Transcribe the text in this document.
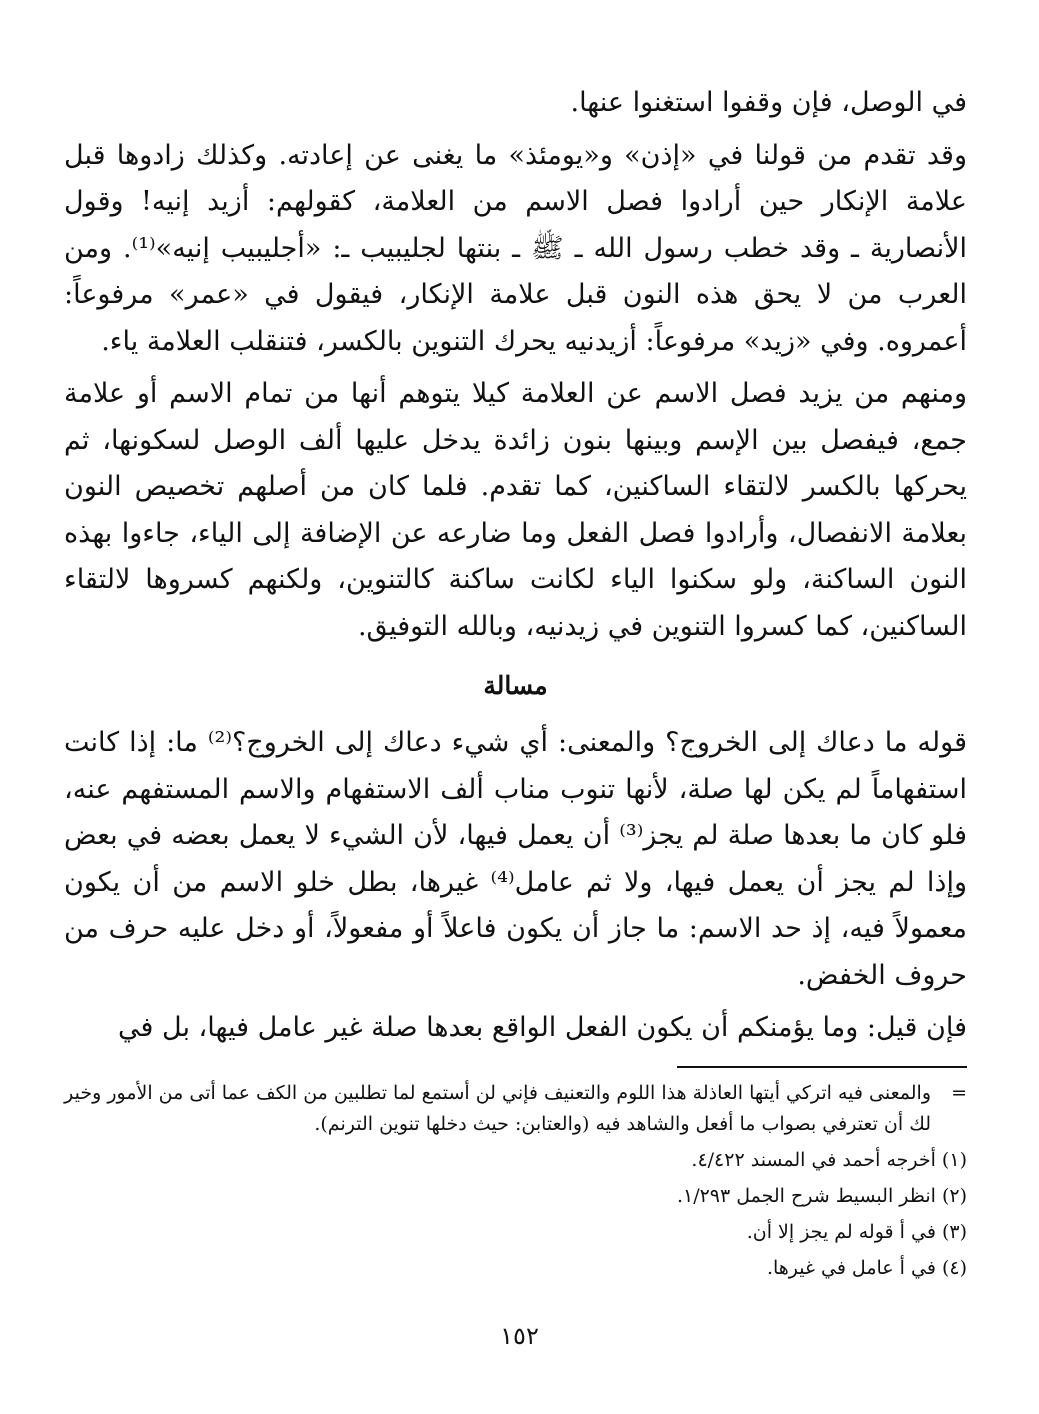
في الوصل، فإن وقفوا استغنوا عنها.

وقد تقدم من قولنا في «إذن» و«يومئذ» ما يغنى عن إعادته. وكذلك زادوها قبل علامة الإنكار حين أرادوا فصل الاسم من العلامة، كقولهم: أزيد إنيه! وقول الأنصارية ـ وقد خطب رسول الله ـ ﷺ ـ بنتها لجليبيب ـ: «أجليبيب إنيه»⁽¹⁾. ومن العرب من لا يحق هذه النون قبل علامة الإنكار، فيقول في «عمر» مرفوعاً: أعمروه. وفي «زيد» مرفوعاً: أزيدنيه يحرك التنوين بالكسر، فتنقلب العلامة ياء.

ومنهم من يزيد فصل الاسم عن العلامة كيلا يتوهم أنها من تمام الاسم أو علامة جمع، فيفصل بين الإسم وبينها بنون زائدة يدخل عليها ألف الوصل لسكونها، ثم يحركها بالكسر لالتقاء الساكنين، كما تقدم. فلما كان من أصلهم تخصيص النون بعلامة الانفصال، وأرادوا فصل الفعل وما ضارعه عن الإضافة إلى الياء، جاءوا بهذه النون الساكنة، ولو سكنوا الياء لكانت ساكنة كالتنوين، ولكنهم كسروها لالتقاء الساكنين، كما كسروا التنوين في زيدنيه، وبالله التوفيق.

مسالة

قوله ما دعاك إلى الخروج؟ والمعنى: أي شيء دعاك إلى الخروج؟⁽²⁾ ما: إذا كانت استفهاماً لم يكن لها صلة، لأنها تنوب مناب ألف الاستفهام والاسم المستفهم عنه، فلو كان ما بعدها صلة لم يجز⁽³⁾ أن يعمل فيها، لأن الشيء لا يعمل بعضه في بعض وإذا لم يجز أن يعمل فيها، ولا ثم عامل⁽⁴⁾ غيرها، بطل خلو الاسم من أن يكون معمولاً فيه، إذ حد الاسم: ما جاز أن يكون فاعلاً أو مفعولاً، أو دخل عليه حرف من حروف الخفض.

فإن قيل: وما يؤمنكم أن يكون الفعل الواقع بعدها صلة غير عامل فيها، بل في

=
والمعنى فيه اتركي أيتها العاذلة هذا اللوم والتعنيف فإني لن أستمع لما تطلبين من الكف عما أتى من الأمور وخير لك أن تعترفي بصواب ما أفعل والشاهد فيه (والعتابن: حيث دخلها تنوين الترنم).

(١) أخرجه أحمد في المسند ٤/٤٢٢.

(٢) انظر البسيط شرح الجمل ١/٢٩٣.

(٣) في أ قوله لم يجز إلا أن.

(٤) في أ عامل في غيرها.

١٥٢
